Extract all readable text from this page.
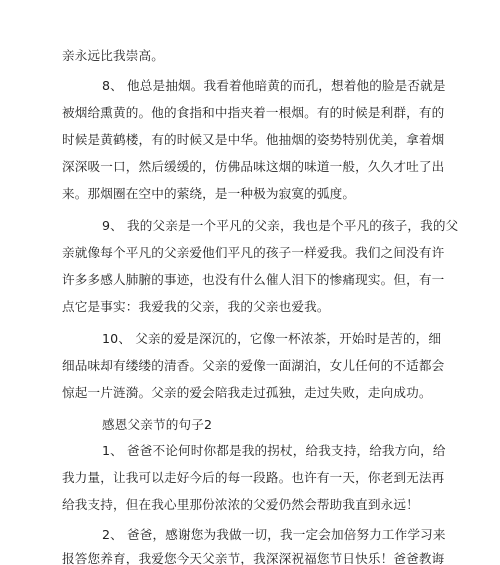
亲永远比我崇高。
8、 他总是抽烟。我看着他暗黄的而孔，想着他的脸是否就是
被烟给熏黄的。他的食指和中指夹着一根烟。有的时候是利群，有的
时候是黄鹤楼，有的时候又是中华。他抽烟的姿势特别优美，拿着烟
深深吸一口，然后缓缓的，仿佛品味这烟的味道一般，久久才吐了出
来。那烟圈在空中的萦绕，是一种极为寂寞的弧度。
9、 我的父亲是一个平凡的父亲，我也是个平凡的孩子，我的父
亲就像每个平凡的父亲爱他们平凡的孩子一样爱我。我们之间没有许
许多多感人肺腑的事迹，也没有什么催人泪下的惨痛现实。但，有一
点它是事实：我爱我的父亲，我的父亲也爱我。
10、 父亲的爱是深沉的，它像一杯浓茶，开始时是苦的，细
细品味却有缕缕的清香。父亲的爱像一面湖泊，女儿任何的不适都会
惊起一片涟漪。父亲的爱会陪我走过孤独，走过失败，走向成功。
感恩父亲节的句子2
1、 爸爸不论何时你都是我的拐杖，给我支持，给我方向，给
我力量，让我可以走好今后的每一段路。也许有一天，你老到无法再
给我支持，但在我心里那份浓浓的父爱仍然会帮助我直到永远！
2、 爸爸，感谢您为我做一切，我一定会加倍努力工作学习来
报答您养育，我爱您今天父亲节，我深深祝福您节日快乐！爸爸教诲
